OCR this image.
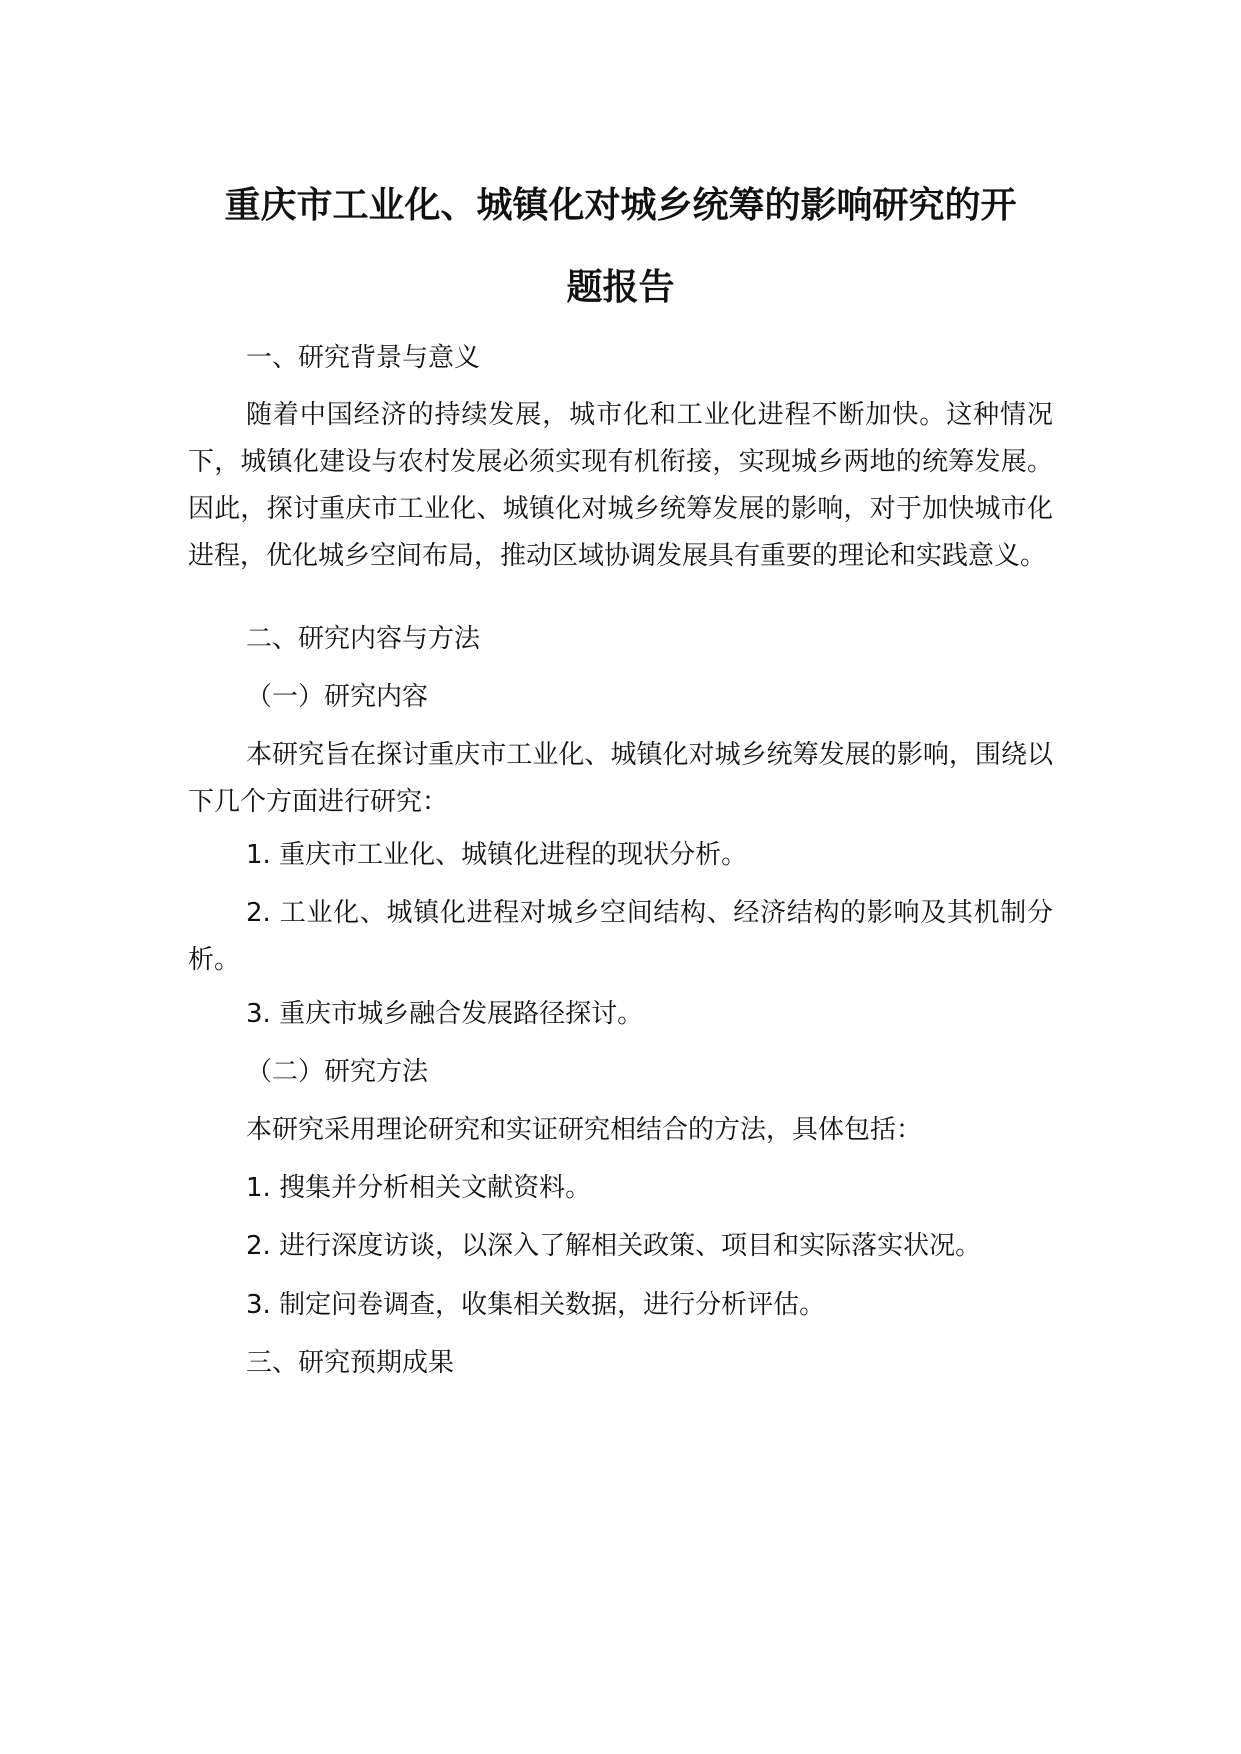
重庆市工业化、城镇化对城乡统筹的影响研究的开
题报告
一、研究背景与意义
随着中国经济的持续发展，城市化和工业化进程不断加快。这种情况下，城镇化建设与农村发展必须实现有机衔接，实现城乡两地的统筹发展。因此，探讨重庆市工业化、城镇化对城乡统筹发展的影响，对于加快城市化进程，优化城乡空间布局，推动区域协调发展具有重要的理论和实践意义。
二、研究内容与方法
（一）研究内容
本研究旨在探讨重庆市工业化、城镇化对城乡统筹发展的影响，围绕以下几个方面进行研究：
1. 重庆市工业化、城镇化进程的现状分析。
2. 工业化、城镇化进程对城乡空间结构、经济结构的影响及其机制分析。
3. 重庆市城乡融合发展路径探讨。
（二）研究方法
本研究采用理论研究和实证研究相结合的方法，具体包括：
1. 搜集并分析相关文献资料。
2. 进行深度访谈，以深入了解相关政策、项目和实际落实状况。
3. 制定问卷调查，收集相关数据，进行分析评估。
三、研究预期成果
